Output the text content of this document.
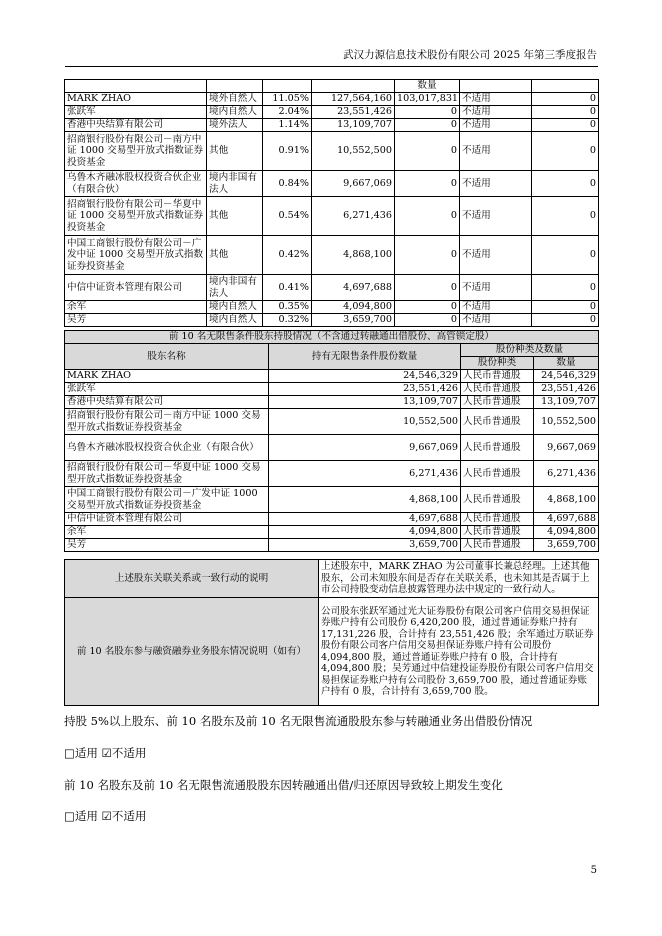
武汉力源信息技术股份有限公司 2025 年第三季度报告
				数量		
MARK ZHAO	境外自然人	11.05%	127,564,160	103,017,831	不适用	0
张跃军	境内自然人	2.04%	23,551,426	0	不适用	0
香港中央结算有限公司	境外法人	1.14%	13,109,707	0	不适用	0
招商银行股份有限公司－南方中证 1000 交易型开放式指数证券投资基金	其他	0.91%	10,552,500	0	不适用	0
乌鲁木齐融冰股权投资合伙企业（有限合伙）	境内非国有法人	0.84%	9,667,069	0	不适用	0
招商银行股份有限公司－华夏中证 1000 交易型开放式指数证券投资基金	其他	0.54%	6,271,436	0	不适用	0
中国工商银行股份有限公司－广发中证 1000 交易型开放式指数证券投资基金	其他	0.42%	4,868,100	0	不适用	0
中信中证资本管理有限公司	境内非国有法人	0.41%	4,697,688	0	不适用	0
余军	境内自然人	0.35%	4,094,800	0	不适用	0
吴芳	境内自然人	0.32%	3,659,700	0	不适用	0
前 10 名无限售条件股东持股情况（不含通过转融通出借股份、高管锁定股）			
股东名称	持有无限售条件股份数量	股份种类及数量	
		股份种类	数量
MARK ZHAO	24,546,329	人民币普通股	24,546,329
张跃军	23,551,426	人民币普通股	23,551,426
香港中央结算有限公司	13,109,707	人民币普通股	13,109,707
招商银行股份有限公司－南方中证 1000 交易型开放式指数证券投资基金	10,552,500	人民币普通股	10,552,500
乌鲁木齐融冰股权投资合伙企业（有限合伙）	9,667,069	人民币普通股	9,667,069
招商银行股份有限公司－华夏中证 1000 交易型开放式指数证券投资基金	6,271,436	人民币普通股	6,271,436
中国工商银行股份有限公司－广发中证 1000 交易型开放式指数证券投资基金	4,868,100	人民币普通股	4,868,100
中信中证资本管理有限公司	4,697,688	人民币普通股	4,697,688
余军	4,094,800	人民币普通股	4,094,800
吴芳	3,659,700	人民币普通股	3,659,700
上述股东关联关系或一致行动的说明	上述股东中，MARK ZHAO 为公司董事长兼总经理。上述其他股东，公司未知股东间是否存在关联关系，也未知其是否属于上市公司持股变动信息披露管理办法中规定的一致行动人。
前 10 名股东参与融资融券业务股东情况说明（如有）	公司股东张跃军通过光大证券股份有限公司客户信用交易担保证券账户持有公司股份 6,420,200 股，通过普通证券账户持有 17,131,226 股，合计持有 23,551,426 股；余军通过万联证券股份有限公司客户信用交易担保证券账户持有公司股份 4,094,800 股，通过普通证券账户持有 0 股，合计持有 4,094,800 股；吴芳通过中信建投证券股份有限公司客户信用交易担保证券账户持有公司股份 3,659,700 股，通过普通证券账户持有 0 股，合计持有 3,659,700 股。
持股 5%以上股东、前 10 名股东及前 10 名无限售流通股股东参与转融通业务出借股份情况
□适用 ☑不适用
前 10 名股东及前 10 名无限售流通股股东因转融通出借/归还原因导致较上期发生变化
□适用 ☑不适用
5
